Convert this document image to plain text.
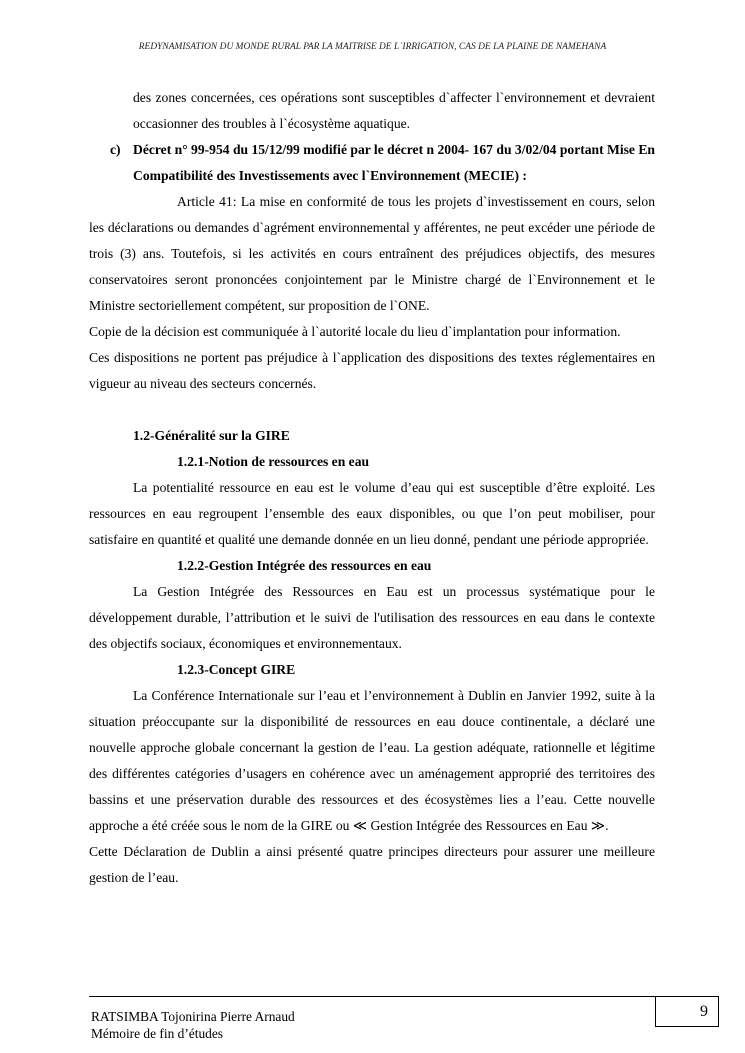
REDYNAMISATION DU MONDE RURAL PAR LA MAITRISE DE L`IRRIGATION, CAS DE LA PLAINE DE NAMEHANA

des zones concernées, ces opérations sont susceptibles d`affecter l`environnement et devraient occasionner des troubles à l`écosystème aquatique.

c) Décret n° 99-954 du 15/12/99 modifié par le décret n 2004- 167 du 3/02/04 portant Mise En Compatibilité des Investissements avec l`Environnement (MECIE) :

Article 41: La mise en conformité de tous les projets d`investissement en cours, selon les déclarations ou demandes d`agrément environnemental y afférentes, ne peut excéder une période de trois (3) ans. Toutefois, si les activités en cours entraînent des préjudices objectifs, des mesures conservatoires seront prononcées conjointement par le Ministre chargé de l`Environnement et le Ministre sectoriellement compétent, sur proposition de l`ONE.

Copie de la décision est communiquée à l`autorité locale du lieu d`implantation pour information.

Ces dispositions ne portent pas préjudice à l`application des dispositions des textes réglementaires en vigueur au niveau des secteurs concernés.

1.2-Généralité sur la GIRE

1.2.1-Notion de ressources en eau

La potentialité ressource en eau est le volume d’eau qui est susceptible d’être exploité. Les ressources en eau regroupent l’ensemble des eaux disponibles, ou que l’on peut mobiliser, pour satisfaire en quantité et qualité une demande donnée en un lieu donné, pendant une période appropriée.

1.2.2-Gestion Intégrée des ressources en eau

La Gestion Intégrée des Ressources en Eau est un processus systématique pour le développement durable, l’attribution et le suivi de l'utilisation des ressources en eau dans le contexte des objectifs sociaux, économiques et environnementaux.

1.2.3-Concept GIRE

La Conférence Internationale sur l’eau et l’environnement à Dublin en Janvier 1992, suite à la situation préoccupante sur la disponibilité de ressources en eau douce continentale, a déclaré une nouvelle approche globale concernant la gestion de l’eau. La gestion adéquate, rationnelle et légitime des différentes catégories d’usagers en cohérence avec un aménagement approprié des territoires des bassins et une préservation durable des ressources et des écosystèmes lies a l’eau. Cette nouvelle approche a été créée sous le nom de la GIRE ou ≪ Gestion Intégrée des Ressources en Eau ≫.

Cette Déclaration de Dublin a ainsi présenté quatre principes directeurs pour assurer une meilleure gestion de l’eau.

RATSIMBA Tojonirina Pierre Arnaud
Mémoire de fin d’études
9
